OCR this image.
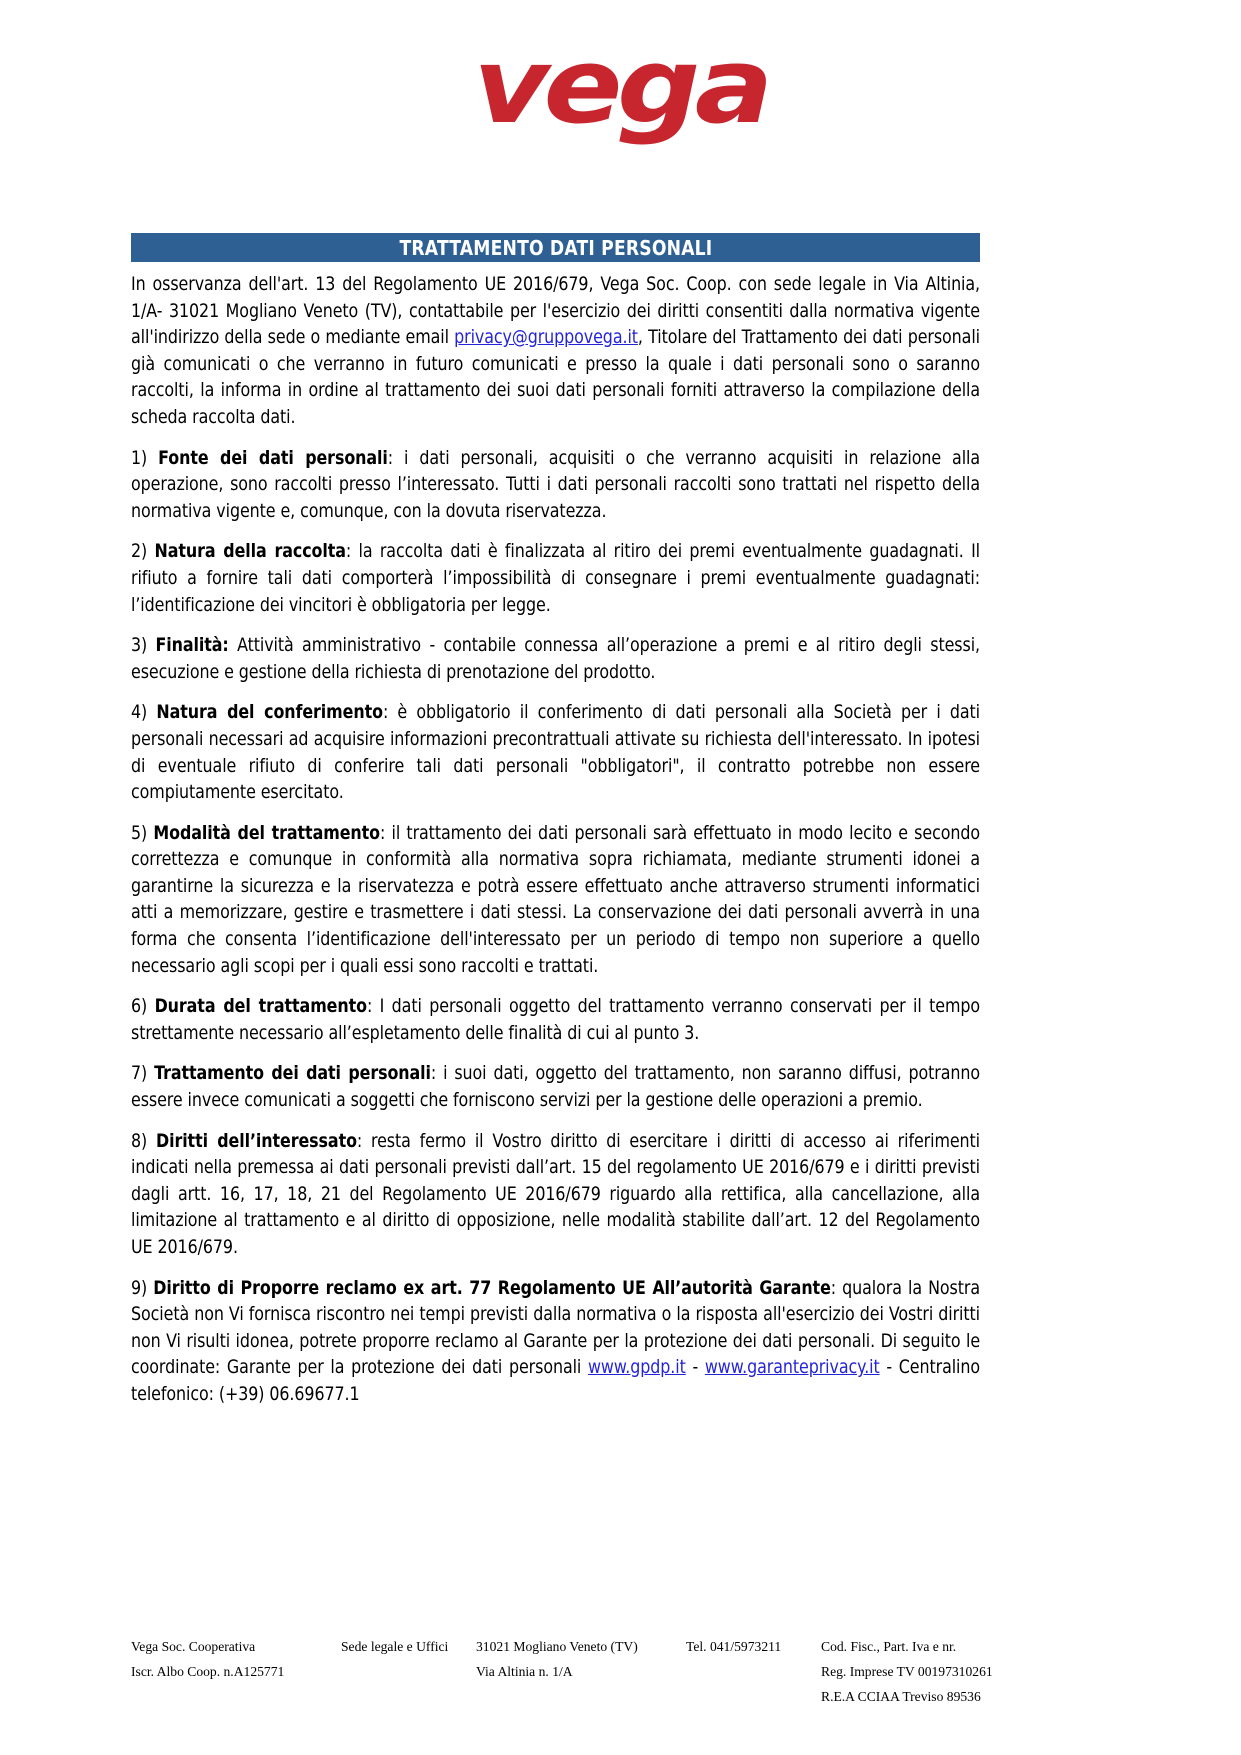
vega
TRATTAMENTO DATI PERSONALI

In osservanza dell'art. 13 del Regolamento UE 2016/679, Vega Soc. Coop. con sede legale in Via Altinia, 1/A- 31021 Mogliano Veneto (TV), contattabile per l'esercizio dei diritti consentiti dalla normativa vigente all'indirizzo della sede o mediante email privacy@gruppovega.it, Titolare del Trattamento dei dati personali già comunicati o che verranno in futuro comunicati e presso la quale i dati personali sono o saranno raccolti, la informa in ordine al trattamento dei suoi dati personali forniti attraverso la compilazione della scheda raccolta dati.

1) Fonte dei dati personali: i dati personali, acquisiti o che verranno acquisiti in relazione alla operazione, sono raccolti presso l’interessato. Tutti i dati personali raccolti sono trattati nel rispetto della normativa vigente e, comunque, con la dovuta riservatezza.

2) Natura della raccolta: la raccolta dati è finalizzata al ritiro dei premi eventualmente guadagnati. Il rifiuto a fornire tali dati comporterà l’impossibilità di consegnare i premi eventualmente guadagnati: l’identificazione dei vincitori è obbligatoria per legge.

3) Finalità: Attività amministrativo - contabile connessa all’operazione a premi e al ritiro degli stessi, esecuzione e gestione della richiesta di prenotazione del prodotto.

4) Natura del conferimento: è obbligatorio il conferimento di dati personali alla Società per i dati personali necessari ad acquisire informazioni precontrattuali attivate su richiesta dell'interessato. In ipotesi di eventuale rifiuto di conferire tali dati personali "obbligatori", il contratto potrebbe non essere compiutamente esercitato.

5) Modalità del trattamento: il trattamento dei dati personali sarà effettuato in modo lecito e secondo correttezza e comunque in conformità alla normativa sopra richiamata, mediante strumenti idonei a garantirne la sicurezza e la riservatezza e potrà essere effettuato anche attraverso strumenti informatici atti a memorizzare, gestire e trasmettere i dati stessi. La conservazione dei dati personali avverrà in una forma che consenta l’identificazione dell'interessato per un periodo di tempo non superiore a quello necessario agli scopi per i quali essi sono raccolti e trattati.

6) Durata del trattamento: I dati personali oggetto del trattamento verranno conservati per il tempo strettamente necessario all’espletamento delle finalità di cui al punto 3.

7) Trattamento dei dati personali: i suoi dati, oggetto del trattamento, non saranno diffusi, potranno essere invece comunicati a soggetti che forniscono servizi per la gestione delle operazioni a premio.

8) Diritti dell’interessato: resta fermo il Vostro diritto di esercitare i diritti di accesso ai riferimenti indicati nella premessa ai dati personali previsti dall’art. 15 del regolamento UE 2016/679 e i diritti previsti dagli artt. 16, 17, 18, 21 del Regolamento UE 2016/679 riguardo alla rettifica, alla cancellazione, alla limitazione al trattamento e al diritto di opposizione, nelle modalità stabilite dall’art. 12 del Regolamento UE 2016/679.

9) Diritto di Proporre reclamo ex art. 77 Regolamento UE All’autorità Garante: qualora la Nostra Società non Vi fornisca riscontro nei tempi previsti dalla normativa o la risposta all'esercizio dei Vostri diritti non Vi risulti idonea, potrete proporre reclamo al Garante per la protezione dei dati personali. Di seguito le coordinate: Garante per la protezione dei dati personali www.gpdp.it - www.garanteprivacy.it - Centralino telefonico: (+39) 06.69677.1

Vega Soc. Cooperativa	Sede legale e Uffici	31021 Mogliano Veneto (TV)	Tel. 041/5973211	Cod. Fisc., Part. Iva e nr.
Iscr. Albo Coop. n.A125771		Via Altinia n. 1/A		Reg. Imprese TV 00197310261
				R.E.A CCIAA Treviso 89536
